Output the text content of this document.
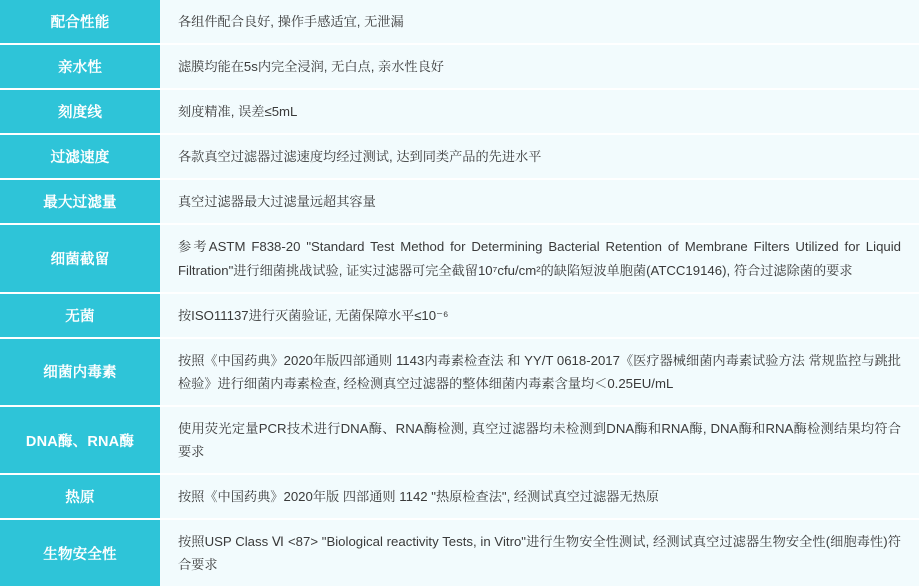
配合性能	各组件配合良好, 操作手感适宜, 无泄漏

亲水性	滤膜均能在5s内完全浸润, 无白点, 亲水性良好

刻度线	刻度精准, 误差≤5mL

过滤速度	各款真空过滤器过滤速度均经过测试, 达到同类产品的先进水平

最大过滤量	真空过滤器最大过滤量远超其容量

细菌截留	参考ASTM F838-20 "Standard Test Method for Determining Bacterial Retention of Membrane Filters Utilized for Liquid Filtration"进行细菌挑战试验, 证实过滤器可完全截留10⁷cfu/cm²的缺陷短波单胞菌(ATCC19146), 符合过滤除菌的要求

无菌	按ISO11137进行灭菌验证, 无菌保障水平≤10⁻⁶

细菌内毒素	按照《中国药典》2020年版四部通则 1143内毒素检查法 和 YY/T 0618-2017《医疗器械细菌内毒素试验方法 常规监控与跳批检验》进行细菌内毒素检查, 经检测真空过滤器的整体细菌内毒素含量均＜0.25EU/mL

DNA酶、RNA酶	使用荧光定量PCR技术进行DNA酶、RNA酶检测, 真空过滤器均未检测到DNA酶和RNA酶, DNA酶和RNA酶检测结果均符合要求

热原	按照《中国药典》2020年版 四部通则 1142 "热原检查法", 经测试真空过滤器无热原

生物安全性	按照USP Class Ⅵ <87> "Biological reactivity Tests, in Vitro"进行生物安全性测试, 经测试真空过滤器生物安全性(细胞毒性)符合要求
